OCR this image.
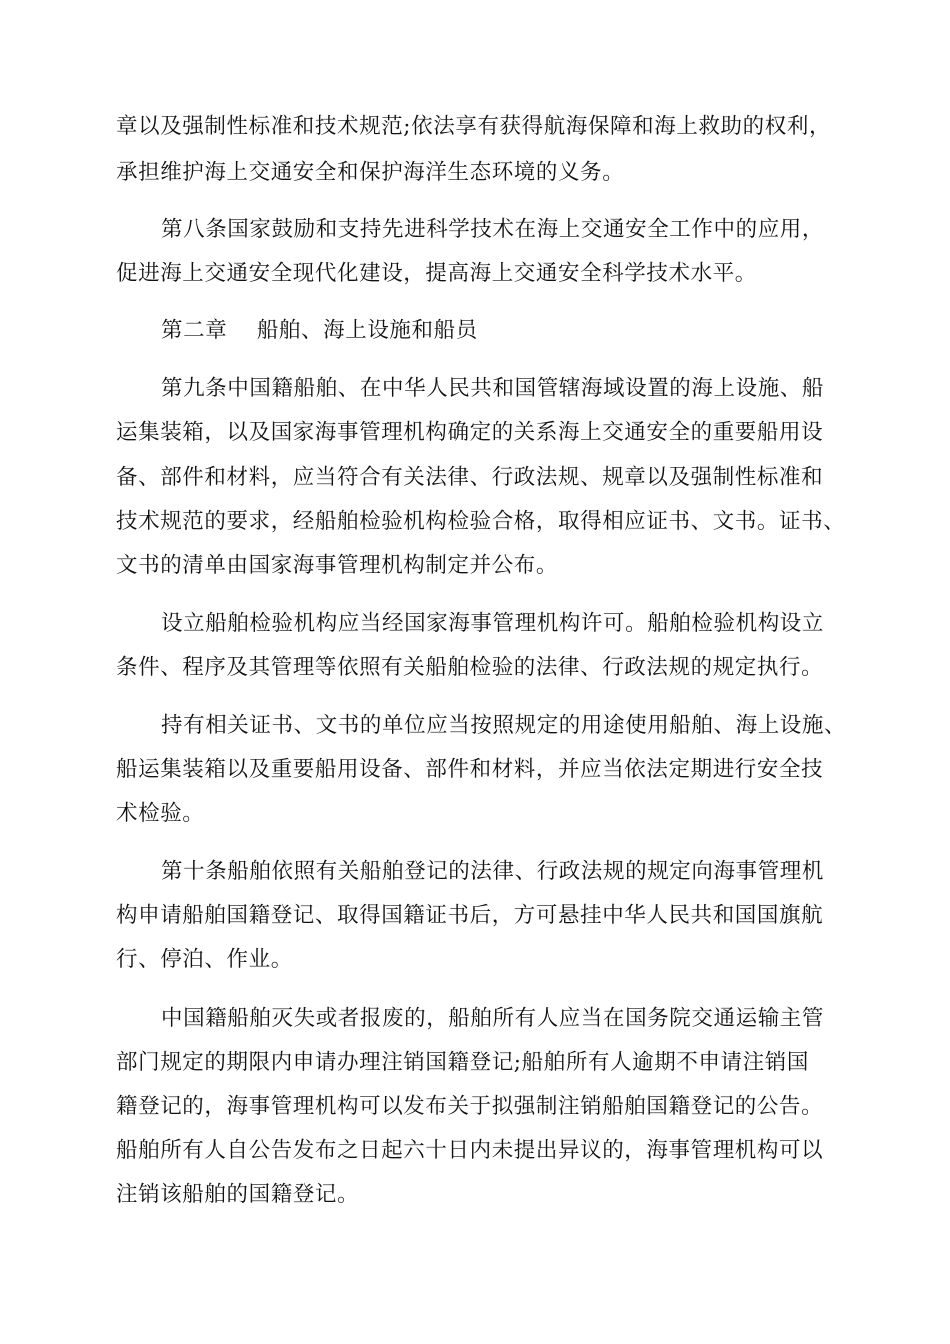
章以及强制性标准和技术规范;依法享有获得航海保障和海上救助的权利，
承担维护海上交通安全和保护海洋生态环境的义务。
第八条国家鼓励和支持先进科学技术在海上交通安全工作中的应用，
促进海上交通安全现代化建设，提高海上交通安全科学技术水平。
第二章　 船舶、海上设施和船员
第九条中国籍船舶、在中华人民共和国管辖海域设置的海上设施、船
运集装箱，以及国家海事管理机构确定的关系海上交通安全的重要船用设
备、部件和材料，应当符合有关法律、行政法规、规章以及强制性标准和
技术规范的要求，经船舶检验机构检验合格，取得相应证书、文书。证书、
文书的清单由国家海事管理机构制定并公布。
设立船舶检验机构应当经国家海事管理机构许可。船舶检验机构设立
条件、程序及其管理等依照有关船舶检验的法律、行政法规的规定执行。
持有相关证书、文书的单位应当按照规定的用途使用船舶、海上设施、
船运集装箱以及重要船用设备、部件和材料，并应当依法定期进行安全技
术检验。
第十条船舶依照有关船舶登记的法律、行政法规的规定向海事管理机
构申请船舶国籍登记、取得国籍证书后，方可悬挂中华人民共和国国旗航
行、停泊、作业。
中国籍船舶灭失或者报废的，船舶所有人应当在国务院交通运输主管
部门规定的期限内申请办理注销国籍登记;船舶所有人逾期不申请注销国
籍登记的，海事管理机构可以发布关于拟强制注销船舶国籍登记的公告。
船舶所有人自公告发布之日起六十日内未提出异议的，海事管理机构可以
注销该船舶的国籍登记。
